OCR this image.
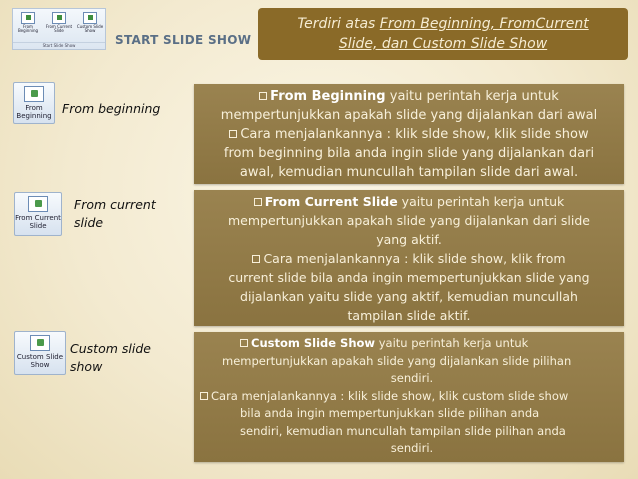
From Beginning
From Current Slide
Custom Slide Show
Start Slide Show	START SLIDE SHOW
Terdiri atas From Beginning, FromCurrent
Slide, dan Custom Slide Show
From Beginning From beginning

From Beginning yaitu perintah kerja untuk

mempertunjukkan apakah slide yang dijalankan dari awal

Cara menjalankannya : klik slde show, klik slide show

from beginning bila anda ingin slide yang dijalankan dari

awal, kemudian muncullah tampilan slide dari awal.

From Current Slide
From current
slide

From Current Slide yaitu perintah kerja untuk

mempertunjukkan apakah slide yang dijalankan dari slide

yang aktif.

Cara menjalankannya : klik slide show, klik from

current slide bila anda ingin mempertunjukkan slide yang

dijalankan yaitu slide yang aktif, kemudian muncullah

tampilan slide aktif.

Custom Slide Show
Custom slide
show

Custom Slide Show yaitu perintah kerja untuk

mempertunjukkan apakah slide yang dijalankan slide pilihan

sendiri.

Cara menjalankannya : klik slide show, klik custom slide show

bila anda ingin mempertunjukkan slide pilihan anda

sendiri, kemudian muncullah tampilan slide pilihan anda

sendiri.
